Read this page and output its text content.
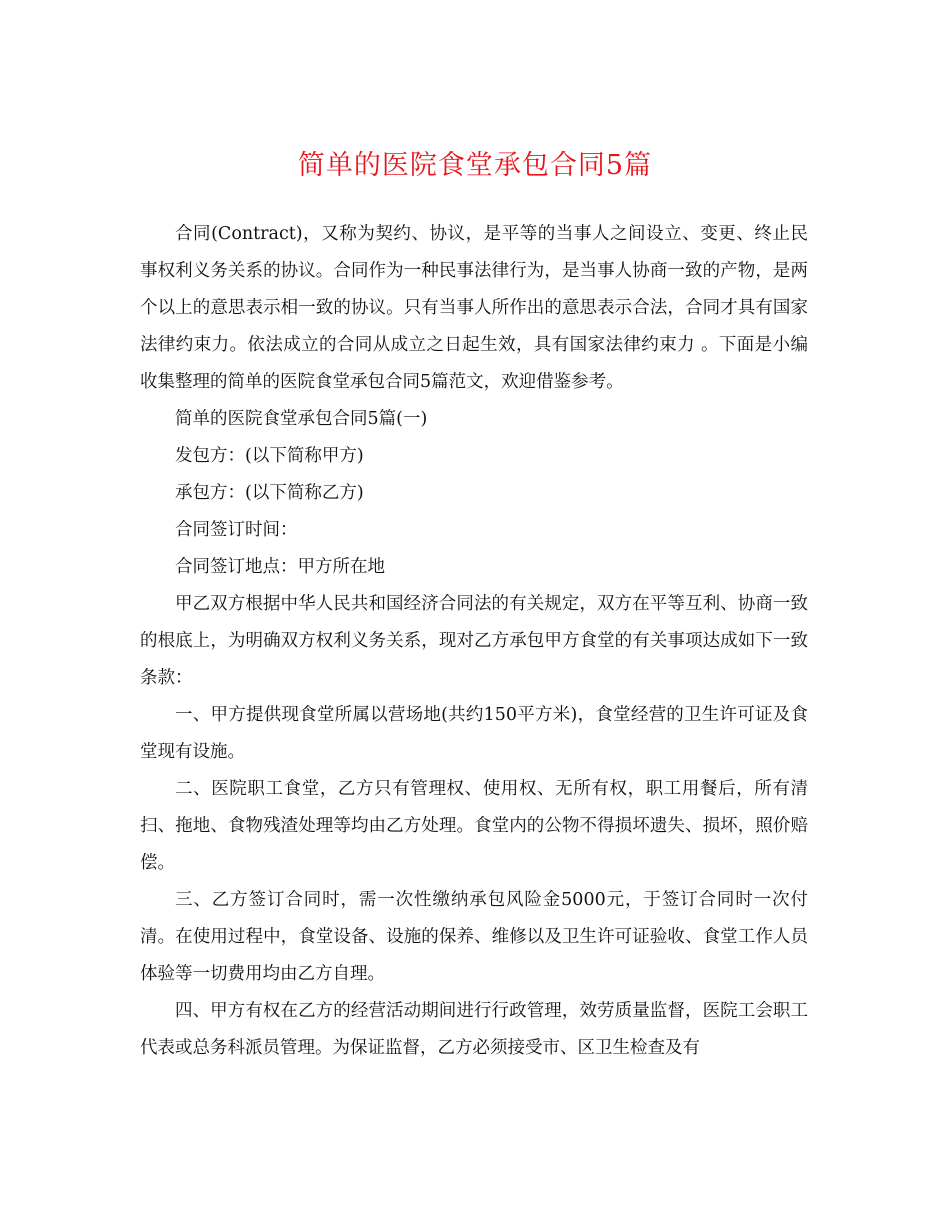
简单的医院食堂承包合同5篇

合同(Contract)，又称为契约、协议，是平等的当事人之间设立、变更、终止民事权利义务关系的协议。合同作为一种民事法律行为，是当事人协商一致的产物，是两个以上的意思表示相一致的协议。只有当事人所作出的意思表示合法，合同才具有国家法律约束力。依法成立的合同从成立之日起生效，具有国家法律约束力 。下面是小编收集整理的简单的医院食堂承包合同5篇范文，欢迎借鉴参考。

简单的医院食堂承包合同5篇(一)

发包方：(以下简称甲方)

承包方：(以下简称乙方)

合同签订时间：

合同签订地点：甲方所在地

甲乙双方根据中华人民共和国经济合同法的有关规定，双方在平等互利、协商一致的根底上，为明确双方权利义务关系，现对乙方承包甲方食堂的有关事项达成如下一致条款：

一、甲方提供现食堂所属以营场地(共约150平方米)，食堂经营的卫生许可证及食堂现有设施。

二、医院职工食堂，乙方只有管理权、使用权、无所有权，职工用餐后，所有清扫、拖地、食物残渣处理等均由乙方处理。食堂内的公物不得损坏遗失、损坏，照价赔偿。

三、乙方签订合同时，需一次性缴纳承包风险金5000元，于签订合同时一次付清。在使用过程中，食堂设备、设施的保养、维修以及卫生许可证验收、食堂工作人员体验等一切费用均由乙方自理。

四、甲方有权在乙方的经营活动期间进行行政管理，效劳质量监督，医院工会职工代表或总务科派员管理。为保证监督，乙方必须接受市、区卫生检查及有
